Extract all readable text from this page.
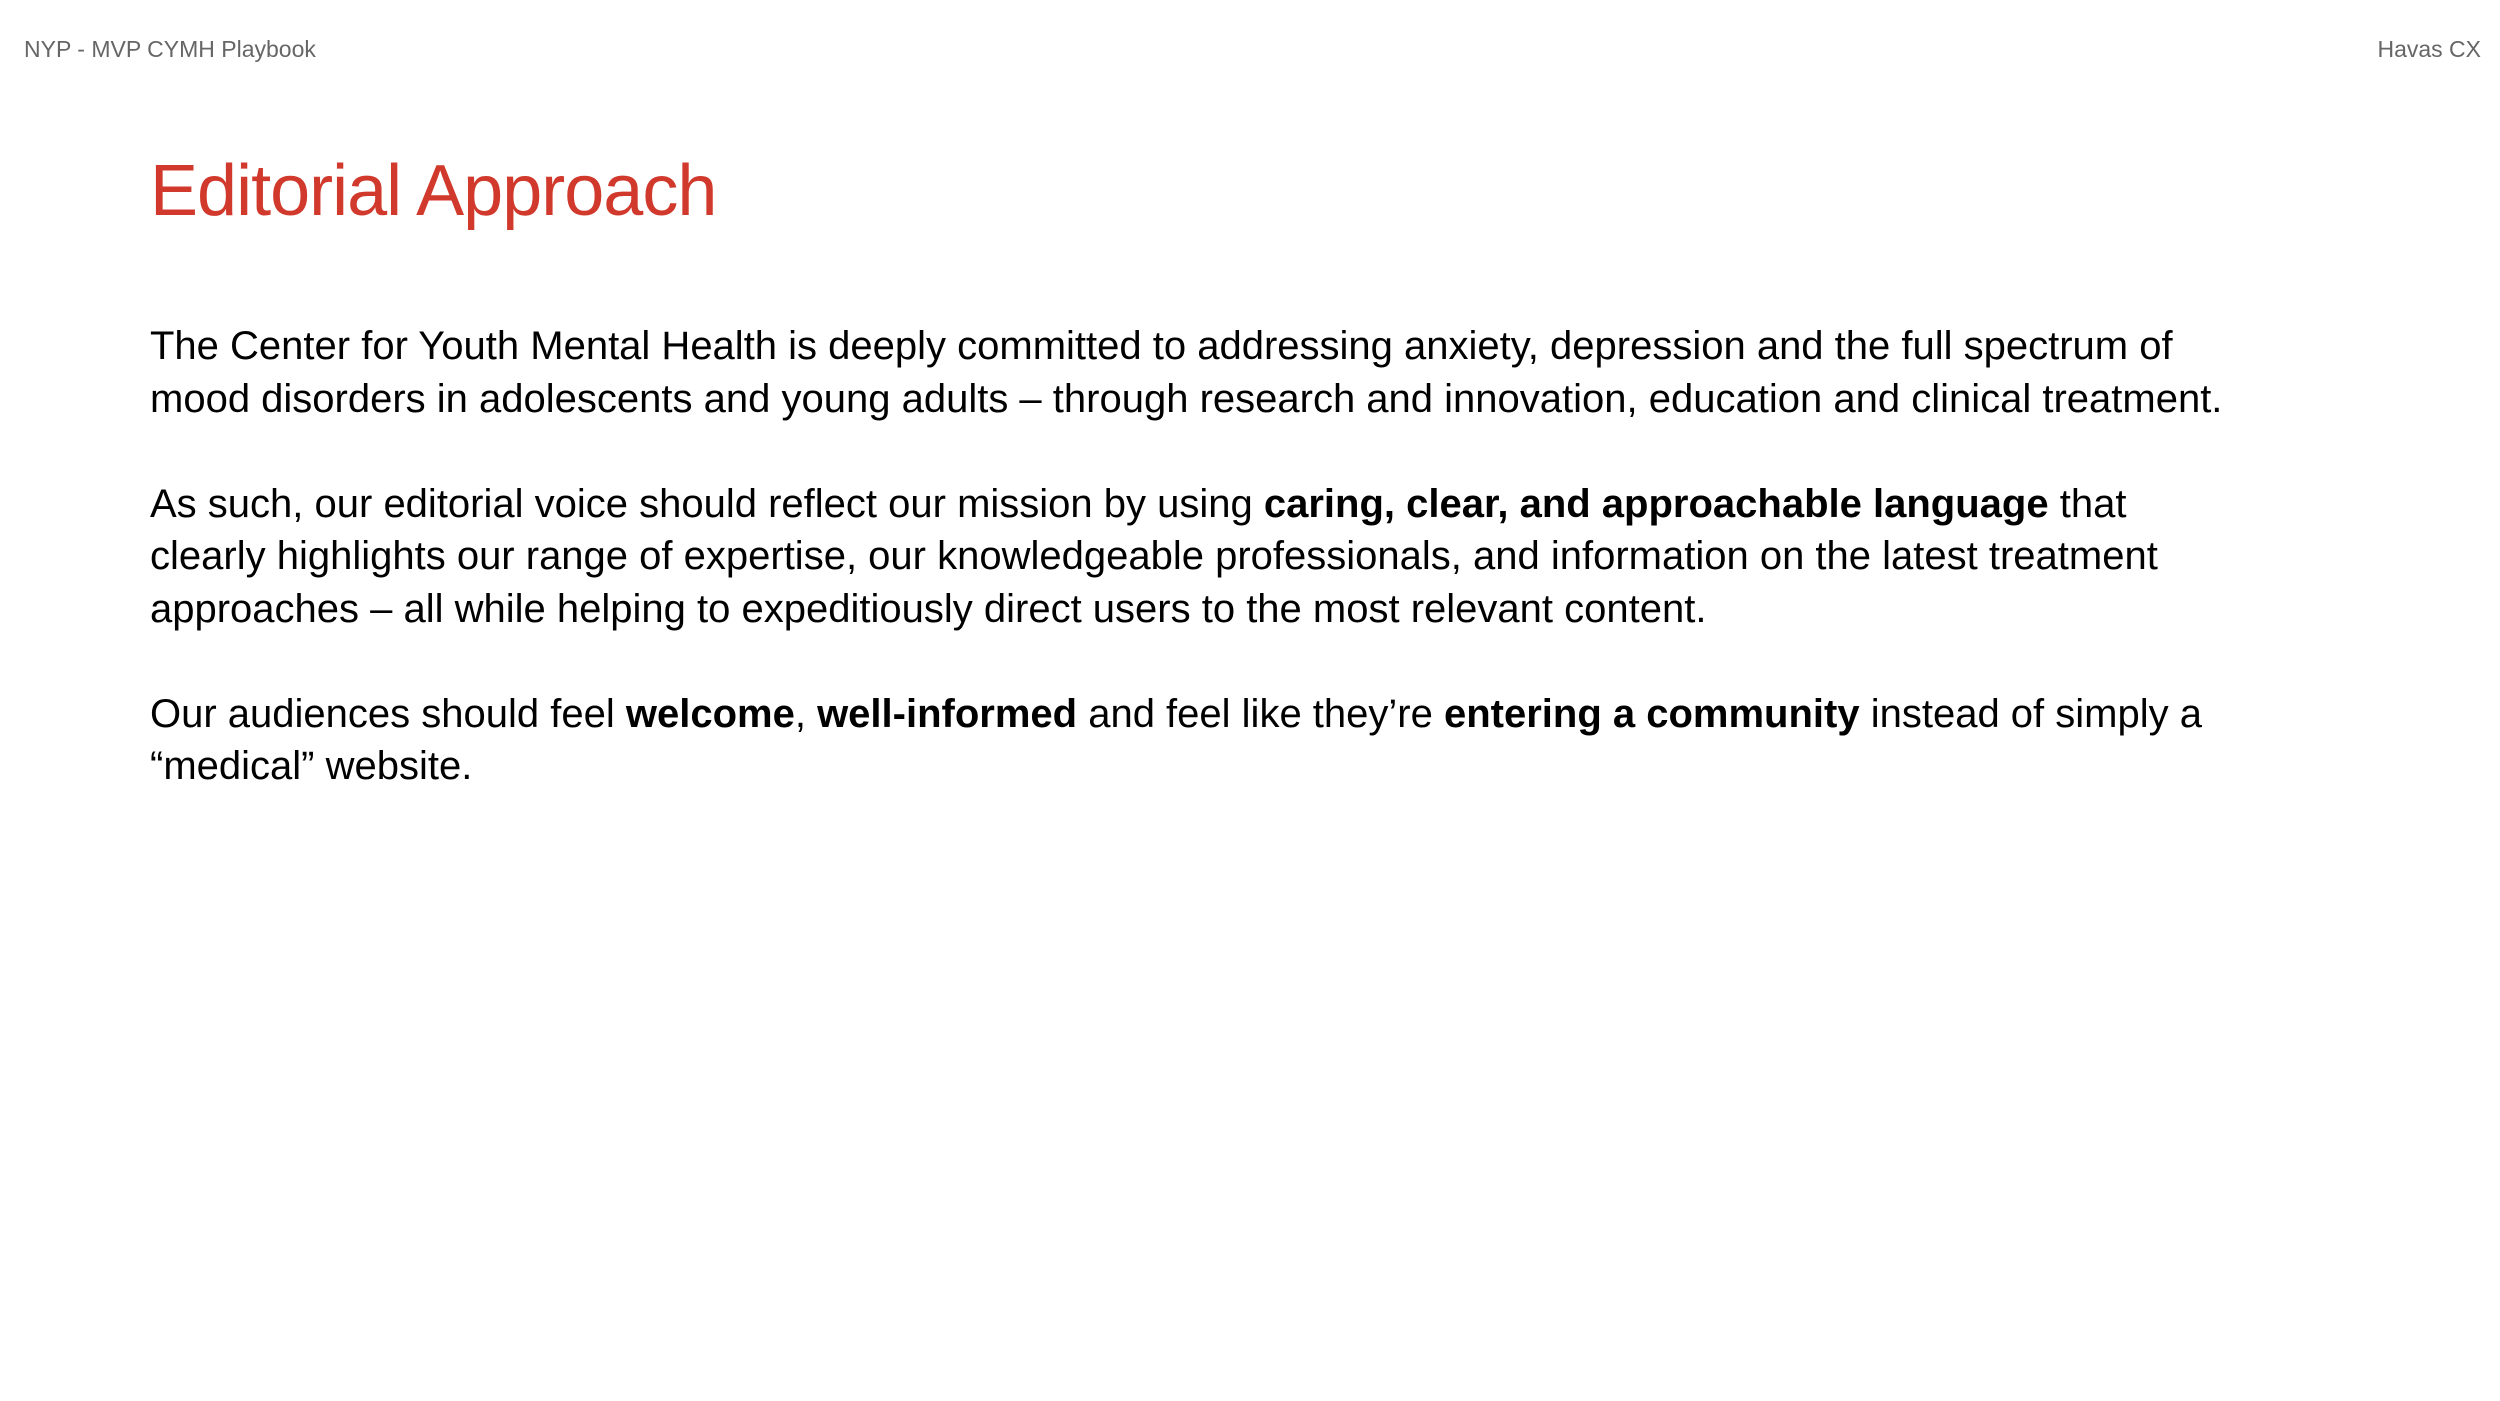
NYP - MVP CYMH Playbook	Havas CX
Editorial Approach

The Center for Youth Mental Health is deeply committed to addressing anxiety, depression and the full spectrum of mood disorders in adolescents and young adults – through research and innovation, education and clinical treatment.

As such, our editorial voice should reflect our mission by using caring, clear, and approachable language that clearly highlights our range of expertise, our knowledgeable professionals, and information on the latest treatment approaches – all while helping to expeditiously direct users to the most relevant content.

Our audiences should feel welcome, well-informed and feel like they’re entering a community instead of simply a “medical” website.
